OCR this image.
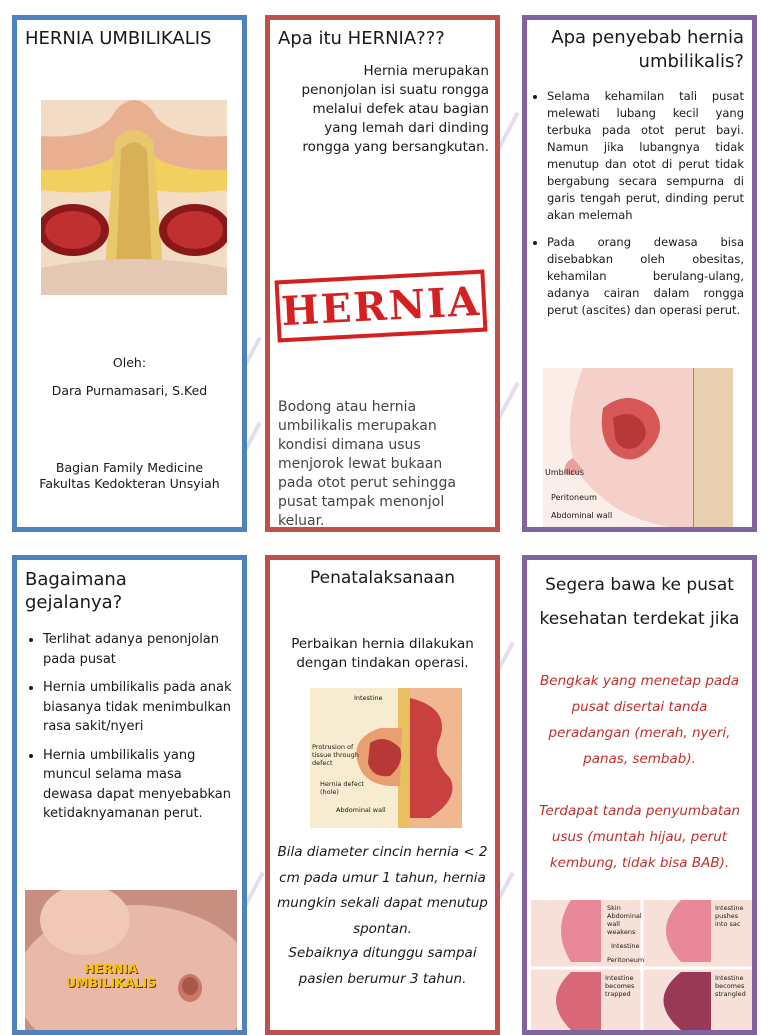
HERNIA UMBILIKALIS
Oleh:
Dara Purnamasari, S.Ked
Bagian Family Medicine
Fakultas Kedokteran Unsyiah
Apa itu HERNIA???
Hernia merupakan penonjolan isi suatu rongga melalui defek atau bagian yang lemah dari dinding rongga yang bersangkutan.
HERNIA
Bodong atau hernia umbilikalis merupakan kondisi dimana usus menjorok lewat bukaan pada otot perut sehingga pusat tampak menonjol keluar.
Apa penyebab hernia umbilikalis?
• Selama kehamilan tali pusat melewati lubang kecil yang terbuka pada otot perut bayi. Namun jika lubangnya tidak menutup dan otot di perut tidak bergabung secara sempurna di garis tengah perut, dinding perut akan melemah
• Pada orang dewasa bisa disebabkan oleh obesitas, kehamilan berulang-ulang, adanya cairan dalam rongga perut (ascites) dan operasi perut.
Umbilicus
Peritoneum
Abdominal wall
Bagaimana gejalanya?
• Terlihat adanya penonjolan pada pusat
• Hernia umbilikalis pada anak biasanya tidak menimbulkan rasa sakit/nyeri
• Hernia umbilikalis yang muncul selama masa dewasa dapat menyebabkan ketidaknyamanan perut.
HERNIA UMBILIKALIS
Penatalaksanaan
Perbaikan hernia dilakukan dengan tindakan operasi.
Intestine
Protrusion of tissue through defect
Hernia defect (hole)
Abdominal wall
Bila diameter cincin hernia < 2 cm pada umur 1 tahun, hernia mungkin sekali dapat menutup spontan.
Sebaiknya ditunggu sampai pasien berumur 3 tahun.
Segera bawa ke pusat kesehatan terdekat jika
Bengkak yang menetap pada pusat disertai tanda peradangan (merah, nyeri, panas, sembab).
Terdapat tanda penyumbatan usus (muntah hijau, perut kembung, tidak bisa BAB).
Skin
Abdominal wall weakens
Intestine
Peritoneum
Intestine pushes into sac
Intestine becomes trapped
Intestine becomes strangled
